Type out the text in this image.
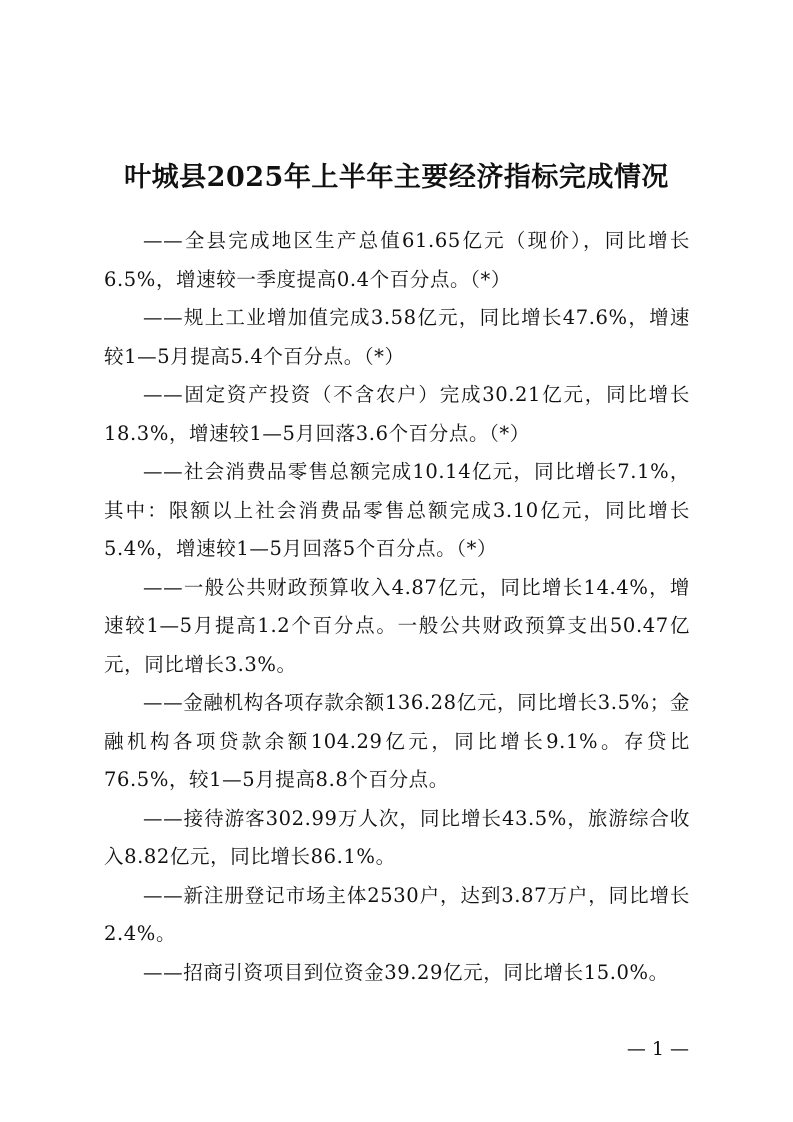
叶城县2025年上半年主要经济指标完成情况

——全县完成地区生产总值61.65亿元（现价），同比增长6.5%，增速较一季度提高0.4个百分点。（*）

——规上工业增加值完成3.58亿元，同比增长47.6%，增速较1—5月提高5.4个百分点。（*）

——固定资产投资（不含农户）完成30.21亿元，同比增长18.3%，增速较1—5月回落3.6个百分点。（*）

——社会消费品零售总额完成10.14亿元，同比增长7.1%，其中：限额以上社会消费品零售总额完成3.10亿元，同比增长5.4%，增速较1—5月回落5个百分点。（*）

——一般公共财政预算收入4.87亿元，同比增长14.4%，增速较1—5月提高1.2个百分点。一般公共财政预算支出50.47亿元，同比增长3.3%。

——金融机构各项存款余额136.28亿元，同比增长3.5%；金融机构各项贷款余额104.29亿元，同比增长9.1%。存贷比76.5%，较1—5月提高8.8个百分点。

——接待游客302.99万人次，同比增长43.5%，旅游综合收入8.82亿元，同比增长86.1%。

——新注册登记市场主体2530户，达到3.87万户，同比增长2.4%。

——招商引资项目到位资金39.29亿元，同比增长15.0%。

— 1 —
